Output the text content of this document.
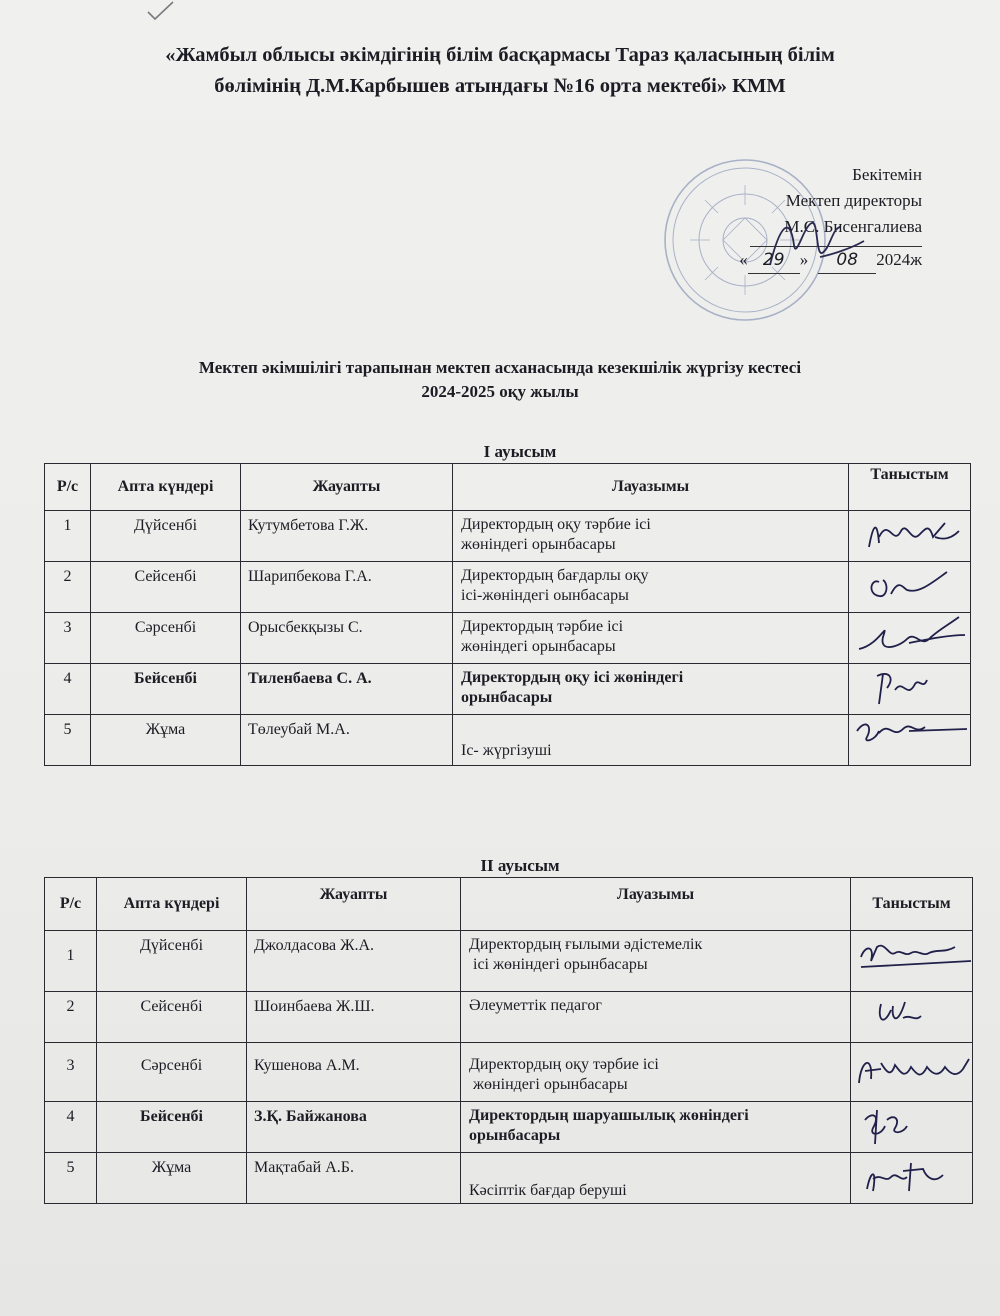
«Жамбыл облысы әкімдігінің білім басқармасы Тараз қаласының білім
бөлімінің Д.М.Карбышев атындағы №16 орта мектебі» КММ
Бекітемін
Мектеп директоры
М.С. Бисенгалиева
« 29 »	08	2024ж
Мектеп әкімшілігі тарапынан мектеп асханасында кезекшілік жүргізу кестесі
2024-2025 оқу жылы
І ауысым
Р/с	Апта күндері	Жауапты	Лауазымы	Таныстым
1	Дүйсенбі	Кутумбетова Г.Ж.	Директордың оқу тәрбие ісі
жөніндегі орынбасары

2	Сейсенбі	Шарипбекова Г.А.	Директордың бағдарлы оқу
ісі-жөніндегі оынбасары

3	Сәрсенбі	Орысбекқызы С.	Директордың тәрбие ісі
жөніндегі орынбасары

4	Бейсенбі	Тиленбаева С. А.	Директордың оқу ісі жөніндегі
орынбасары

5	Жұма	Төлеубай М.А.	Іс- жүргізуші

ІІ ауысым
Р/с	Апта күндері	Жауапты	Лауазымы	Таныстым
1	Дүйсенбі	Джолдасова Ж.А.	Директордың ғылыми әдістемелік
ісі жөніндегі орынбасары

2	Сейсенбі	Шоинбаева Ж.Ш.	Әлеуметтік педагог

3	Сәрсенбі	Кушенова А.М.	Директордың оқу тәрбие ісі
жөніндегі орынбасары

4	Бейсенбі	З.Қ. Байжанова	Директордың шаруашылық жөніндегі
орынбасары

5	Жұма	Мақтабай А.Б.	Кәсіптік бағдар беруші
